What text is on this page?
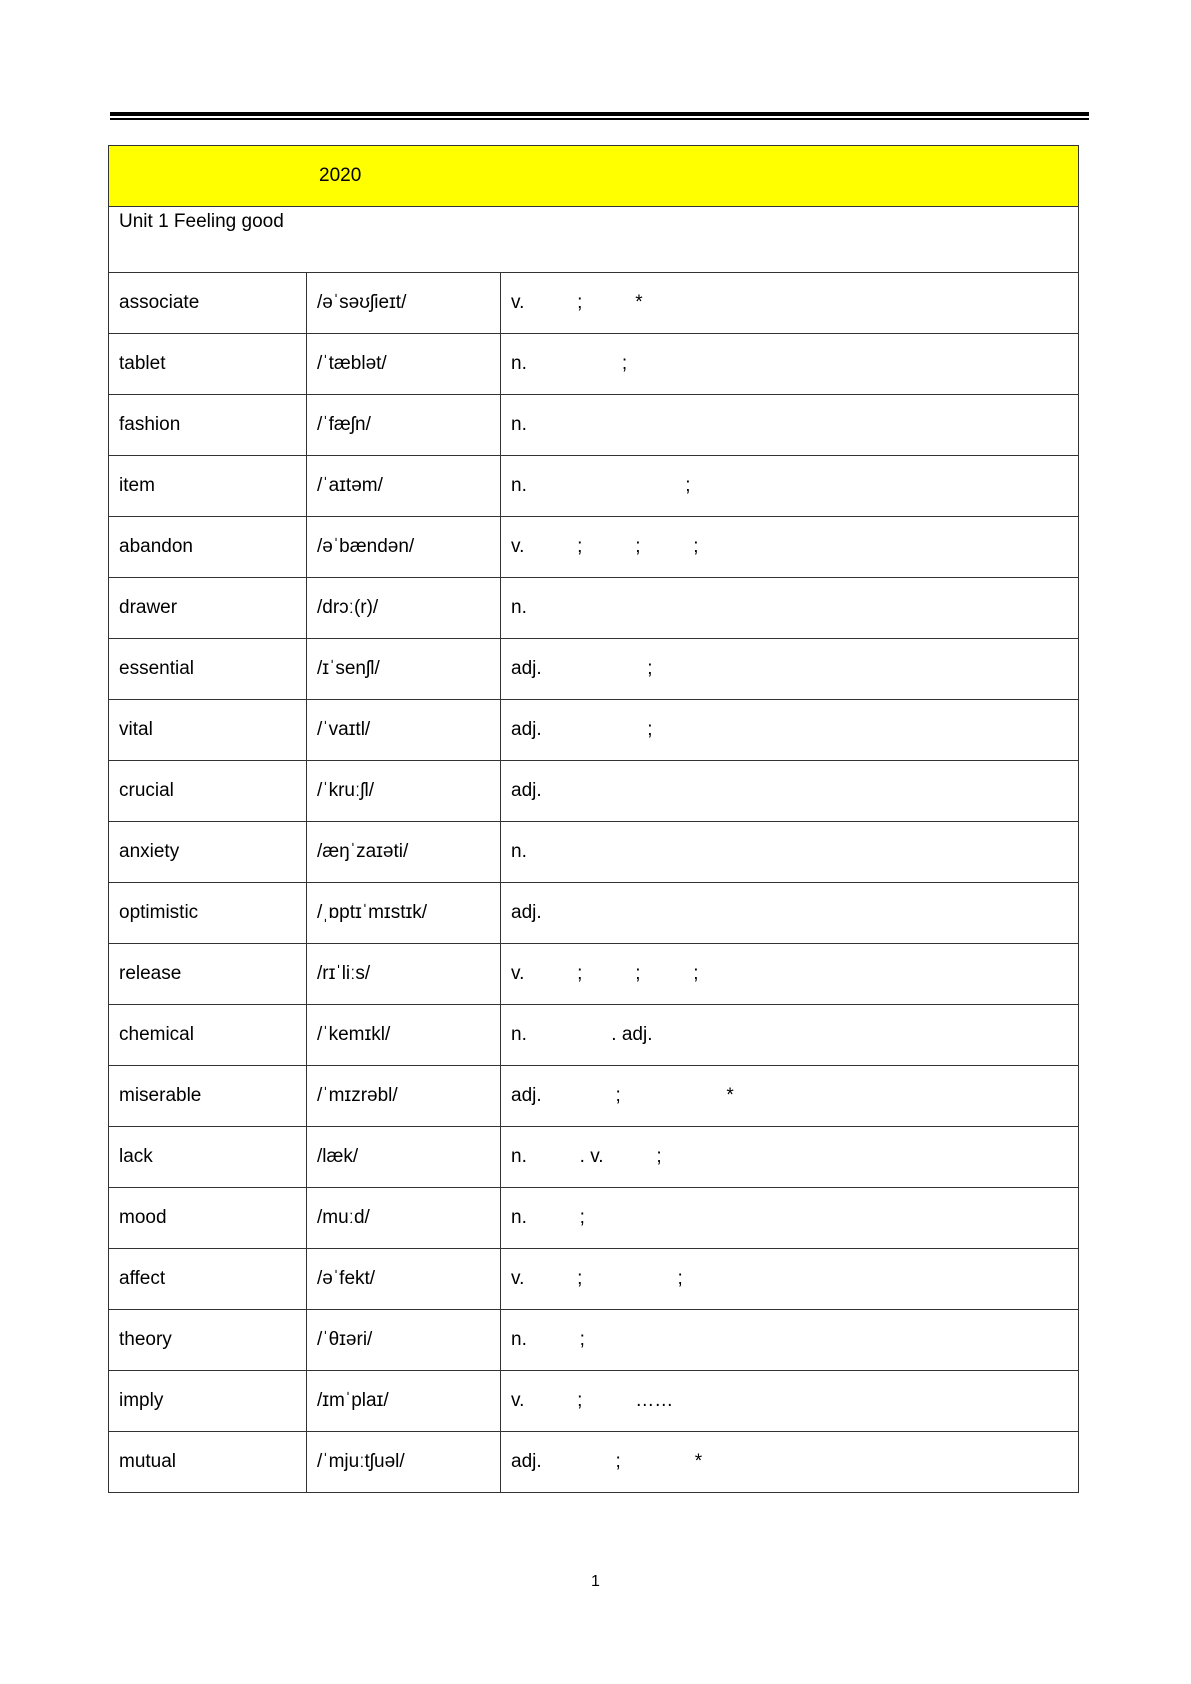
2020		
Unit 1 Feeling good		
associate	/əˈsəʊʃieɪt/	v.          ;          *
tablet	/ˈtæblət/	n.                  ;
fashion	/ˈfæʃn/	n.
item	/ˈaɪtəm/	n.                              ;
abandon	/əˈbændən/	v.          ;          ;          ;
drawer	/drɔː(r)/	n.
essential	/ɪˈsenʃl/	adj.                    ;
vital	/ˈvaɪtl/	adj.                    ;
crucial	/ˈkruːʃl/	adj.
anxiety	/æŋˈzaɪəti/	n.
optimistic	/ˌɒptɪˈmɪstɪk/	adj.
release	/rɪˈliːs/	v.          ;          ;          ;
chemical	/ˈkemɪkl/	n.                . adj.
miserable	/ˈmɪzrəbl/	adj.              ;                    *
lack	/læk/	n.          . v.          ;
mood	/muːd/	n.          ;
affect	/əˈfekt/	v.          ;                  ;
theory	/ˈθɪəri/	n.          ;
imply	/ɪmˈplaɪ/	v.          ;          ……
mutual	/ˈmjuːtʃuəl/	adj.              ;              *
1
